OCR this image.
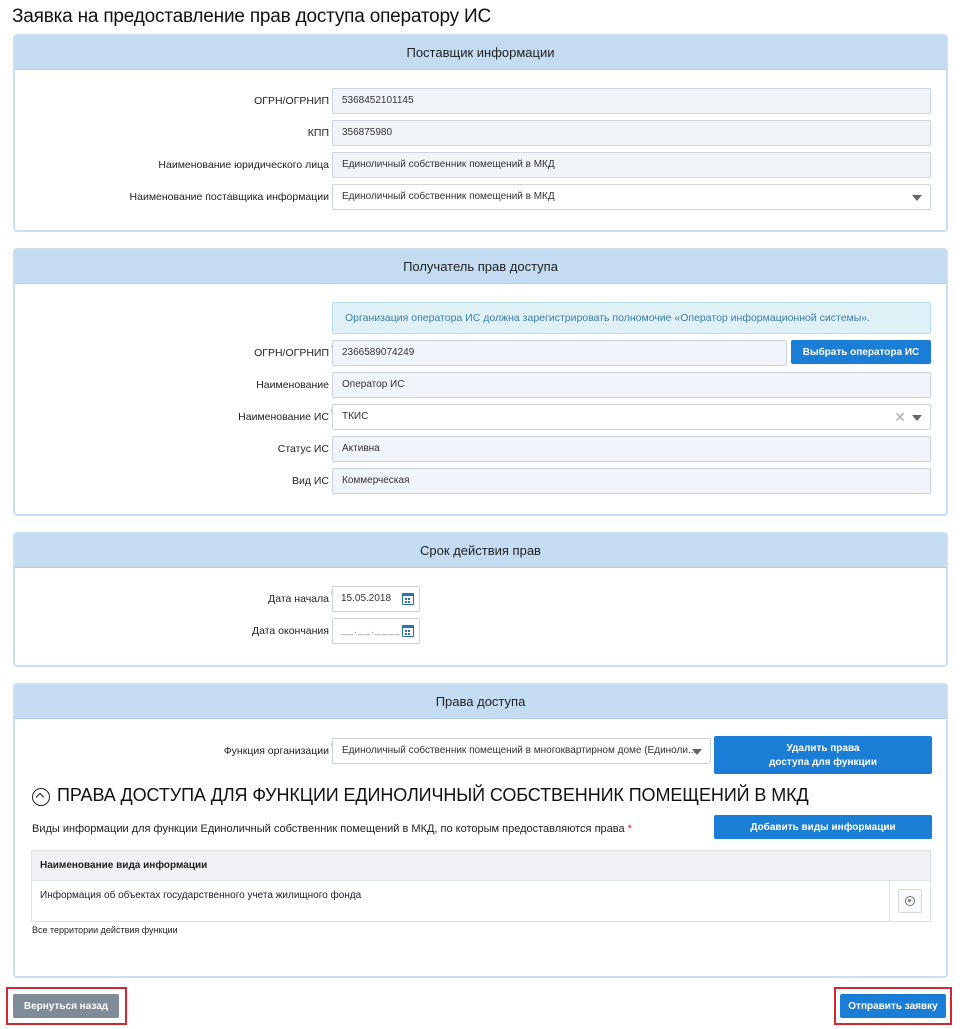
Заявка на предоставление прав доступа оператору ИС
Поставщик информации
ОГРН/ОГРНИП	5368452101145
КПП	356875980
Наименование юридического лица	Единоличный собственник помещений в МКД
Наименование поставщика информации	Единоличный собственник помещений в МКД
Получатель прав доступа
Организация оператора ИС должна зарегистрировать полномочие «Оператор информационной системы».
ОГРН/ОГРНИП	2366589074249	Выбрать оператора ИС
Наименование	Оператор ИС
Наименование ИС	ТКИС	✕
Статус ИС	Активна
Вид ИС	Коммерческая
Срок действия прав
Дата начала	15.05.2018
Дата окончания	__.__.____
Права доступа
Функция организации	Единоличный собственник помещений в многоквартирном доме (Единоли...	Удалить права
доступа для функции
ПРАВА ДОСТУПА ДЛЯ ФУНКЦИИ ЕДИНОЛИЧНЫЙ СОБСТВЕННИК ПОМЕЩЕНИЙ В МКД
Виды информации для функции Единоличный собственник помещений в МКД, по которым предоставляются права *	Добавить виды информации
Наименование вида информации
Информация об объектах государственного учета жилищного фонда
Все территории действия функции
Вернуться назад	Отправить заявку
